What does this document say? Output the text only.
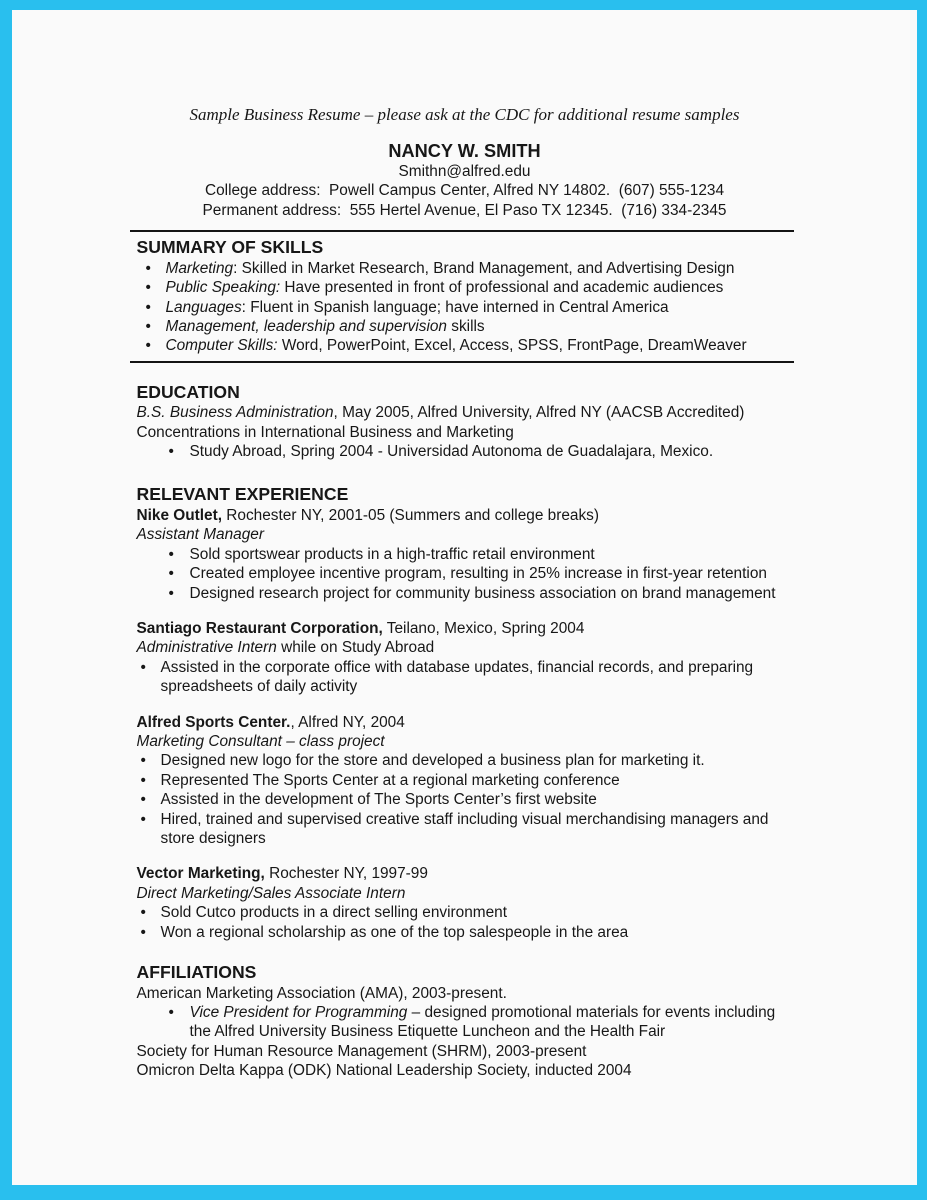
Sample Business Resume – please ask at the CDC for additional resume samples
NANCY W. SMITH
Smithn@alfred.edu
College address:  Powell Campus Center, Alfred NY 14802.  (607) 555-1234
Permanent address:  555 Hertel Avenue, El Paso TX 12345.  (716) 334-2345
SUMMARY OF SKILLS
• Marketing: Skilled in Market Research, Brand Management, and Advertising Design
• Public Speaking: Have presented in front of professional and academic audiences
• Languages: Fluent in Spanish language; have interned in Central America
• Management, leadership and supervision skills
• Computer Skills: Word, PowerPoint, Excel, Access, SPSS, FrontPage, DreamWeaver
EDUCATION
B.S. Business Administration, May 2005, Alfred University, Alfred NY (AACSB Accredited)
Concentrations in International Business and Marketing
• Study Abroad, Spring 2004 - Universidad Autonoma de Guadalajara, Mexico.
RELEVANT EXPERIENCE
Nike Outlet, Rochester NY, 2001-05 (Summers and college breaks)
Assistant Manager
• Sold sportswear products in a high-traffic retail environment
• Created employee incentive program, resulting in 25% increase in first-year retention
• Designed research project for community business association on brand management
Santiago Restaurant Corporation, Teilano, Mexico, Spring 2004
Administrative Intern while on Study Abroad
• Assisted in the corporate office with database updates, financial records, and preparing spreadsheets of daily activity
Alfred Sports Center., Alfred NY, 2004
Marketing Consultant – class project
• Designed new logo for the store and developed a business plan for marketing it.
• Represented The Sports Center at a regional marketing conference
• Assisted in the development of The Sports Center’s first website
• Hired, trained and supervised creative staff including visual merchandising managers and store designers
Vector Marketing, Rochester NY, 1997-99
Direct Marketing/Sales Associate Intern
• Sold Cutco products in a direct selling environment
• Won a regional scholarship as one of the top salespeople in the area
AFFILIATIONS
American Marketing Association (AMA), 2003-present.
• Vice President for Programming – designed promotional materials for events including the Alfred University Business Etiquette Luncheon and the Health Fair
Society for Human Resource Management (SHRM), 2003-present
Omicron Delta Kappa (ODK) National Leadership Society, inducted 2004
